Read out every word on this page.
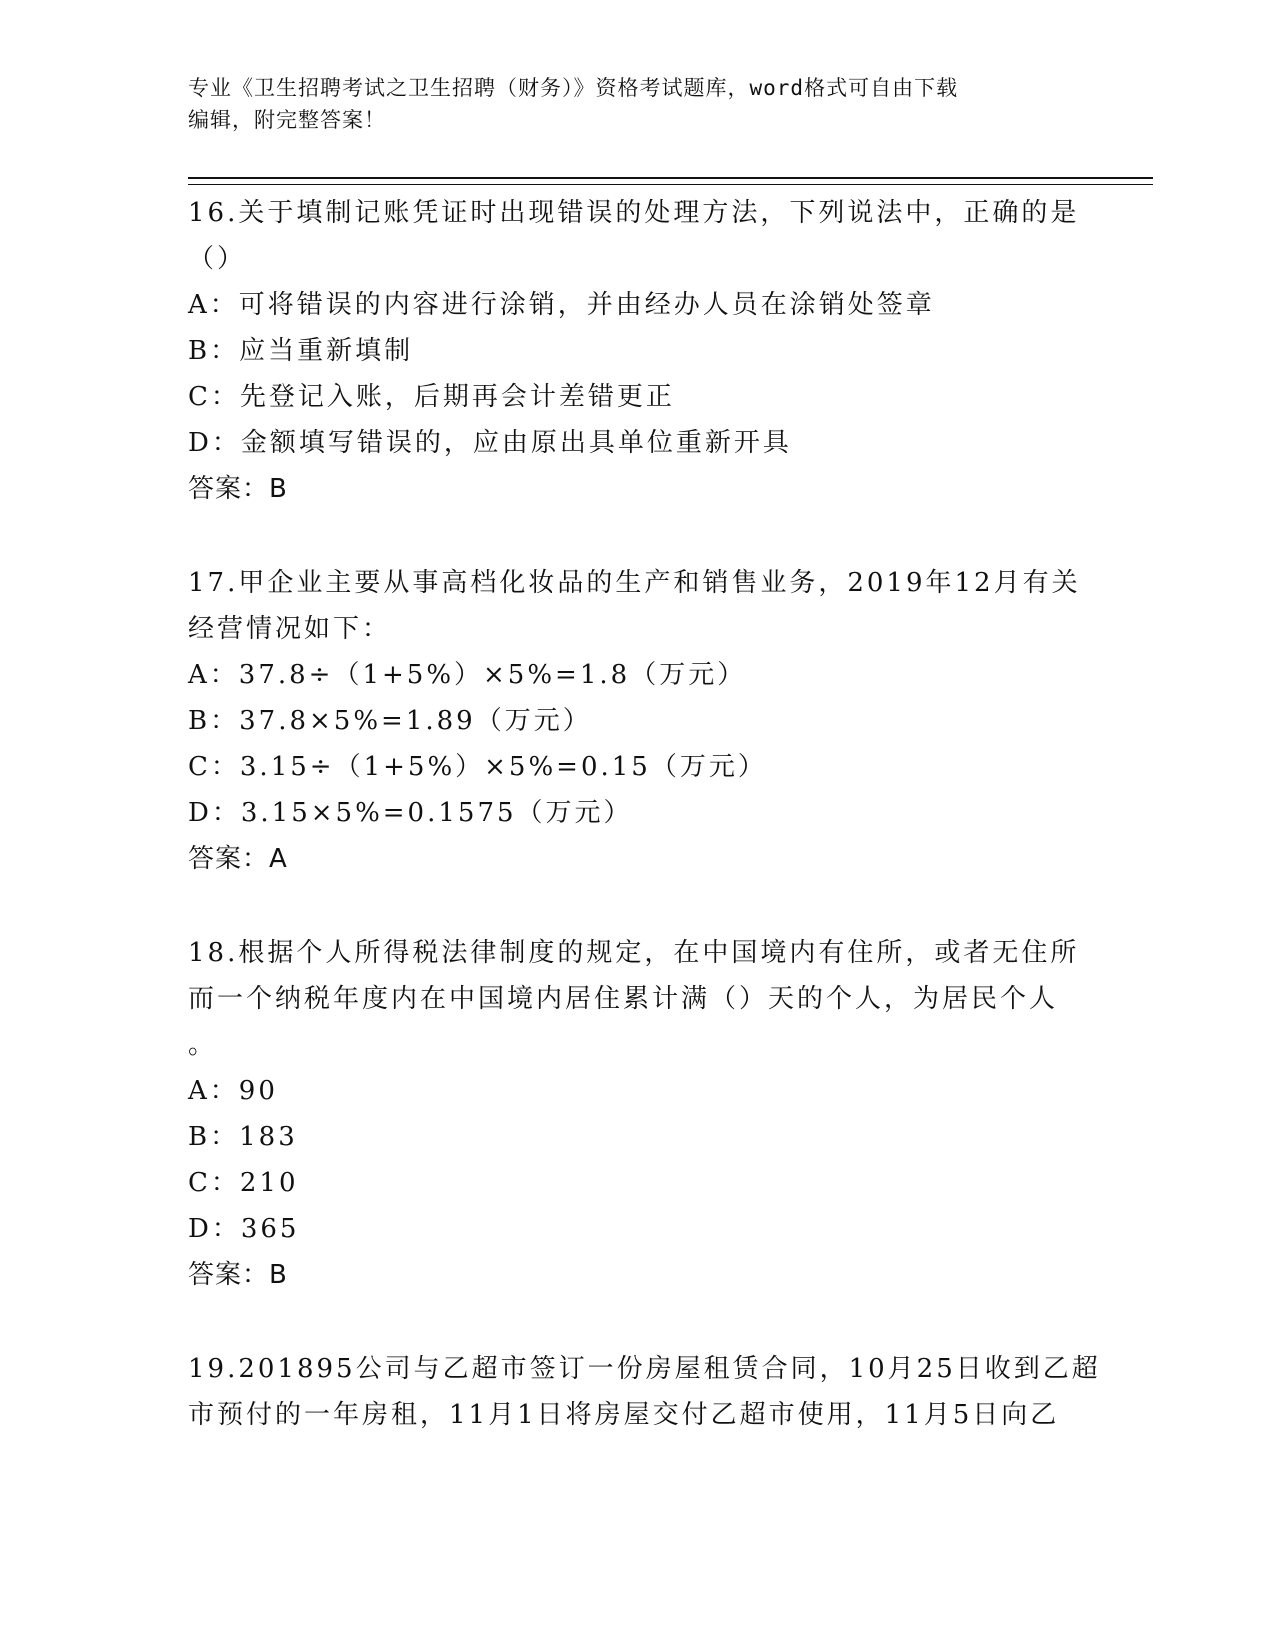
专业《卫生招聘考试之卫生招聘（财务）》资格考试题库，word格式可自由下载
编辑，附完整答案！
16.关于填制记账凭证时出现错误的处理方法，下列说法中，正确的是
（）
A：可将错误的内容进行涂销，并由经办人员在涂销处签章
B：应当重新填制
C：先登记入账，后期再会计差错更正
D：金额填写错误的，应由原出具单位重新开具
答案：B
17.甲企业主要从事高档化妆品的生产和销售业务，2019年12月有关
经营情况如下：
A：37.8÷（1+5%）×5%=1.8（万元）
B：37.8×5%=1.89（万元）
C：3.15÷（1+5%）×5%=0.15（万元）
D：3.15×5%=0.1575（万元）
答案：A
18.根据个人所得税法律制度的规定，在中国境内有住所，或者无住所
而一个纳税年度内在中国境内居住累计满（）天的个人，为居民个人
。
A：90
B：183
C：210
D：365
答案：B
19.201895公司与乙超市签订一份房屋租赁合同，10月25日收到乙超
市预付的一年房租，11月1日将房屋交付乙超市使用，11月5日向乙
